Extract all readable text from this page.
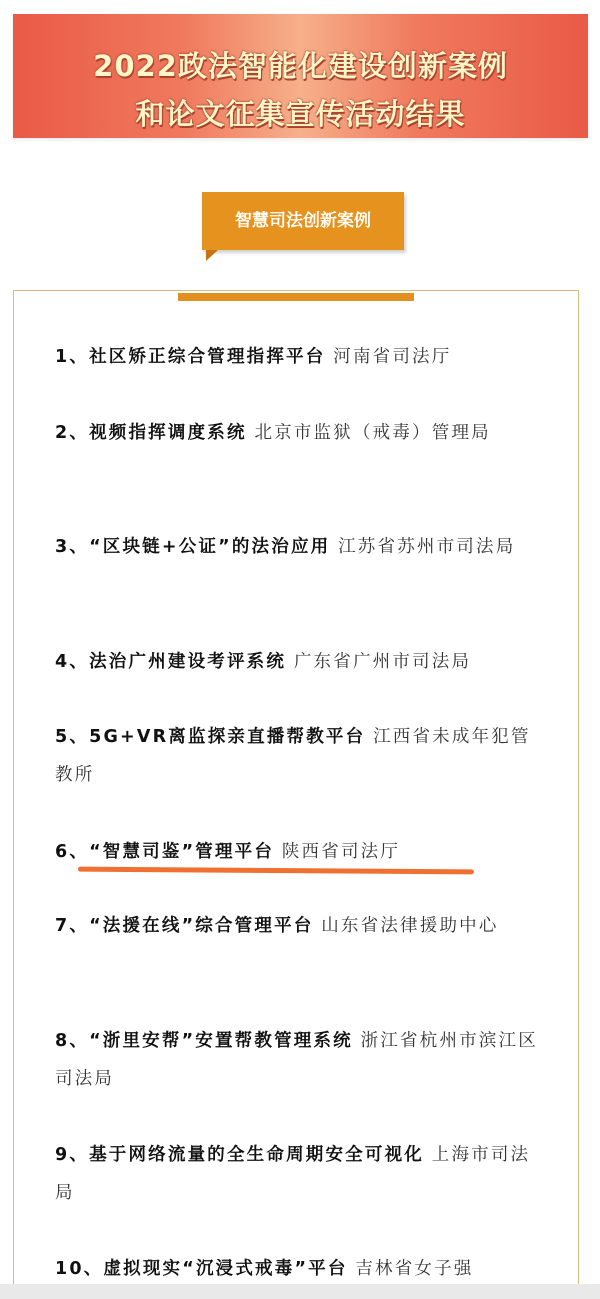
2022政法智能化建设创新案例
和论文征集宣传活动结果
智慧司法创新案例
1、社区矫正综合管理指挥平台 河南省司法厅
2、视频指挥调度系统 北京市监狱（戒毒）管理局
3、“区块链+公证”的法治应用 江苏省苏州市司法局
4、法治广州建设考评系统 广东省广州市司法局
5、5G+VR离监探亲直播帮教平台 江西省未成年犯管教所
6、“智慧司鉴”管理平台 陕西省司法厅
7、“法援在线”综合管理平台 山东省法律援助中心
8、“浙里安帮”安置帮教管理系统 浙江省杭州市滨江区司法局
9、基于网络流量的全生命周期安全可视化 上海市司法局
10、虚拟现实“沉浸式戒毒”平台 吉林省女子强
